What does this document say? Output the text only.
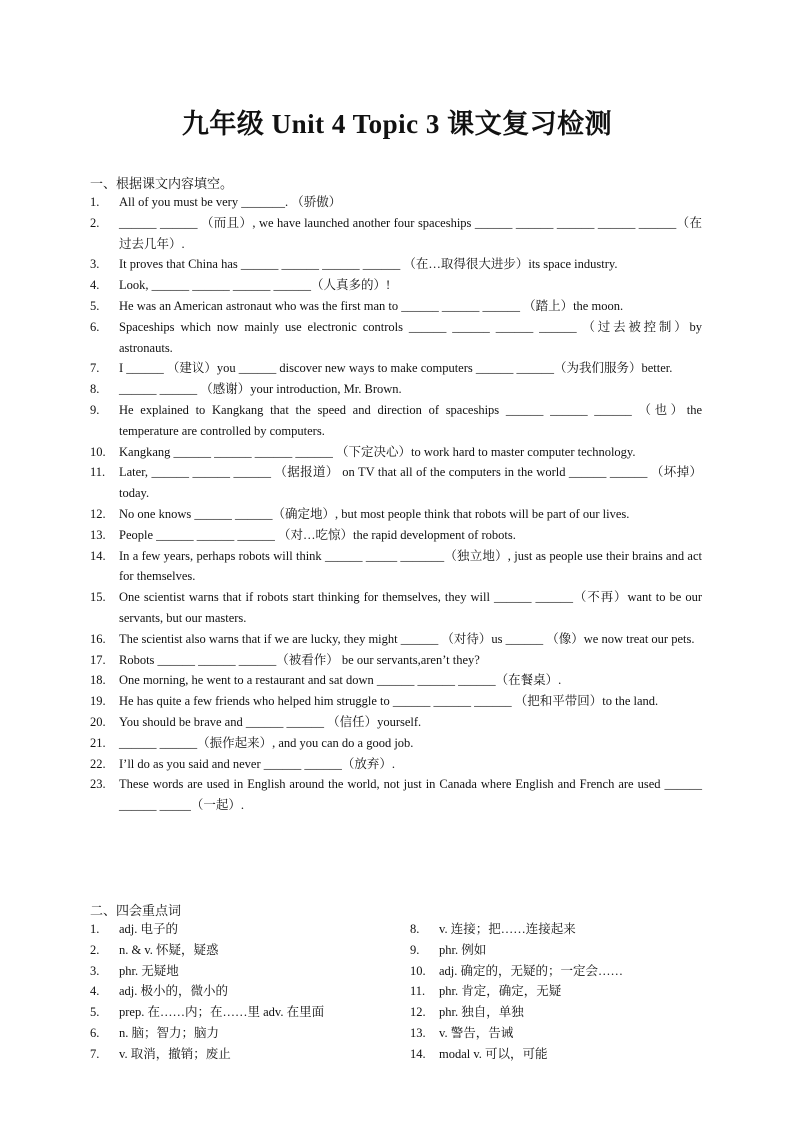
九年级 Unit 4 Topic 3 课文复习检测
一、根据课文内容填空。
1.	All of you must be very _______. （骄傲）
2.	______ ______ （而且）, we have launched another four spaceships ______ ______ ______ ______ ______（在过去几年）.
3.	It proves that China has ______ ______ ______ ______ （在…取得很大进步）its space industry.
4.	Look, ______ ______ ______ ______（人真多的）!
5.	He was an American astronaut who was the first man to ______ ______ ______ （踏上）the moon.
6.	Spaceships which now mainly use electronic controls ______ ______ ______ ______ （过去被控制）by astronauts.
7.	I ______ （建议）you ______ discover new ways to make computers ______ ______（为我们服务）better.
8.	______ ______ （感谢）your introduction, Mr. Brown.
9.	He explained to Kangkang that the speed and direction of spaceships ______ ______ ______ （也）the temperature are controlled by computers.
10.	Kangkang ______ ______ ______ ______ （下定决心）to work hard to master computer technology.
11.	Later, ______ ______ ______ （据报道） on TV that all of the computers in the world ______ ______ （坏掉） today.
12.	No one knows ______ ______（确定地）, but most people think that robots will be part of our lives.
13.	People ______ ______ ______ （对…吃惊）the rapid development of robots.
14.	In a few years, perhaps robots will think ______ _____ _______（独立地）, just as people use their brains and act for themselves.
15.	One scientist warns that if robots start thinking for themselves, they will ______ ______（不再）want to be our servants, but our masters.
16.	The scientist also warns that if we are lucky, they might ______ （对待）us ______ （像）we now treat our pets.
17.	Robots ______ ______ ______（被看作） be our servants,aren’t they?
18.	One morning, he went to a restaurant and sat down ______ ______ ______（在餐桌）.
19.	He has quite a few friends who helped him struggle to ______ ______ ______ （把和平带回）to the land.
20.	You should be brave and ______ ______ （信任）yourself.
21.	______ ______（振作起来）, and you can do a good job.
22.	I’ll do as you said and never ______ ______（放弃）.
23.	These words are used in English around the world, not just in Canada where English and French are used ______ ______ _____（一起）.
二、四会重点词
1.	adj. 电子的	8.	v. 连接；把……连接起来
2.	n. & v. 怀疑，疑惑	9.	phr. 例如
3.	phr. 无疑地	10.	adj. 确定的，无疑的；一定会……
4.	adj. 极小的，微小的	11.	phr. 肯定，确定，无疑
5.	prep. 在……内；在……里 adv. 在里面	12.	phr. 独自，单独
6.	n. 脑；智力；脑力	13.	v. 警告，告诫
7.	v. 取消，撤销；废止	14.	modal v. 可以，可能
